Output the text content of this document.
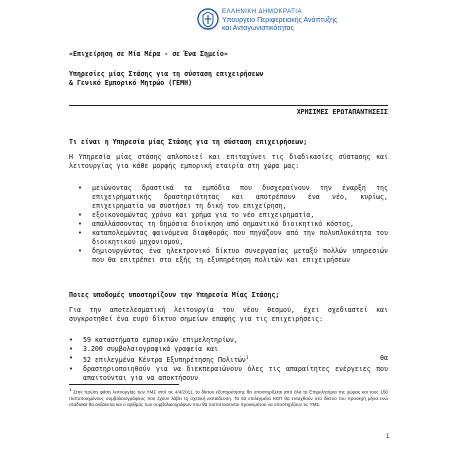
ΕΛΛΗΝΙΚΗ ΔΗΜΟΚΡΑΤΙΑ
Υπουργείο Περιφερειακής Ανάπτυξης
και Ανταγωνιστικότητας
«Επιχείρηση σε Μία Μέρα - σε Ένα Σημείο»
Υπηρεσίες μίας Στάσης για τη σύσταση επιχειρήσεων
& Γενικό Εμπορικό Μητρώο (ΓΕΜΗ)
ΧΡΗΣΙΜΕΣ ΕΡΩΤΑΠΑΝΤΗΣΕΙΣ
Τι είναι η Υπηρεσία μίας Στάσης για τη σύσταση επιχειρήσεων;
Η Υπηρεσία μίας στάσης απλοποιεί και επιταχύνει τις διαδικασίες σύστασης και λειτουργίας για κάθε μορφής εμπορική εταιρία στη χώρα μας:
• μειώνοντας δραστικά τα εμπόδια που δυσχεραίνουν την έναρξη της επιχειρηματικής δραστηριότητας και αποτρέπουν ένα νέο, κυρίως, επιχειρηματία να συστήσει τη δική του επιχείρηση,
• εξοικονομώντας χρόνο και χρήμα για το νέο επιχειρηματία,
• απαλλάσσοντας τη δημόσια διοίκηση από σημαντικό διοικητικό κόστος,
• καταπολεμώντας φαινόμενα διαφθοράς που πηγάζουν από την πολυπλοκότητα του διοικητικού μηχανισμού,
• δημιουργώντας ένα ηλεκτρονικό δίκτυο συνεργασίας μεταξύ πολλών υπηρεσιών που θα επιτρέπει στο εξής τη εξυπηρέτηση πολιτών και επιχειρήσεων
Ποιες υποδομές υποστηρίζουν την Υπηρεσία Μίας Στάσης;
Για την αποτελεσματική λειτουργία του νέου θεσμού, έχει σχεδιαστεί και συγκροτηθεί ένα ευρύ δίκτυο σημείων επαφής για τις επιχειρήσεις:
• 59 καταστήματα εμπορικών επιμελητηρίων,
• 3.200 συμβολαιογραφικά γραφεία και
• 52 επιλεγμένα Κέντρα Εξυπηρέτησης Πολιτών$^1$	θα
• δραστηριοποιηθούν για να διεκπεραιώνουν όλες τις απαραίτητες ενέργειες που απαιτούνται για να αποκτήσουν
$^1$ Στην πρώτη φάση λειτουργίας των ΥΜΣ από τις 4/4/2011, το δίκτυο εξυπηρέτησης θα υποστηρίζεται από όλα τα Επιμελητήρια της χώρας και τους 150 πιστοποιημένους συμβολαιογράφους που έχουν λάβει τη σχετική εκπαίδευση. Τα 52 επιλεγμένα ΚΕΠ θα ενταχθούν στο δίκτυο του προσεχή μήνα ενώ σταδιακά θα αυξάνεται και ο αριθμός των συμβολαιογράφων που θα πιστοποιούνται προκειμένου να υποστηρίζουν τις ΥΜΣ.
1
